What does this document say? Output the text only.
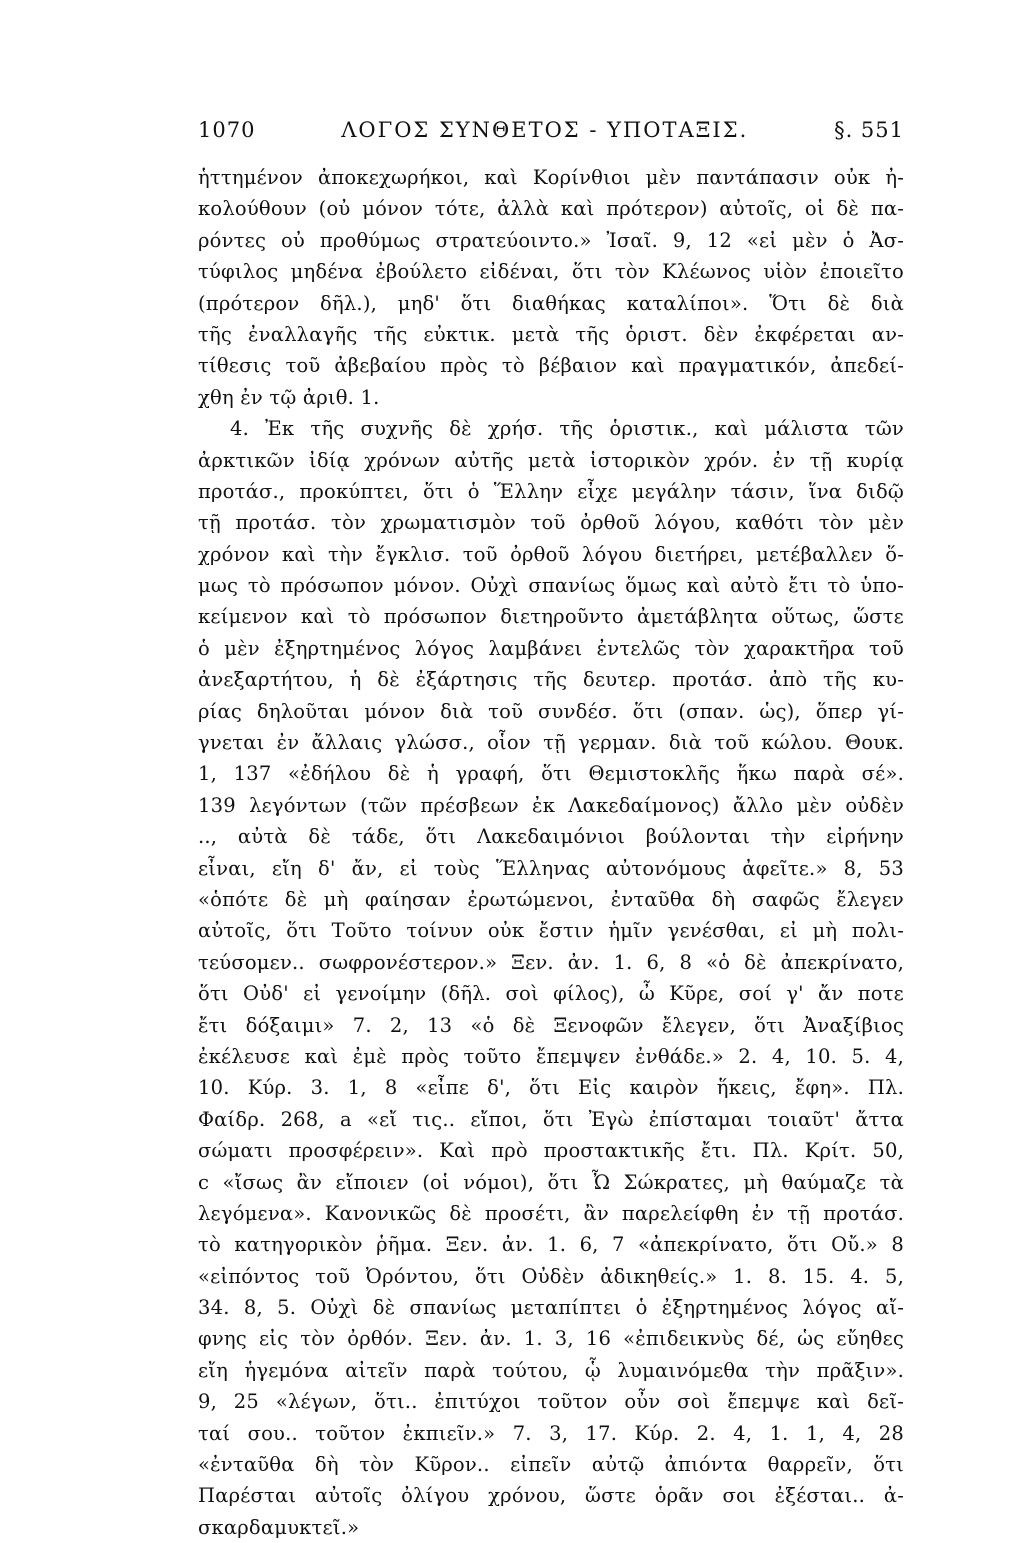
1070	ΛΟΓΟΣ ΣΥΝΘΕΤΟΣ - ΥΠΟΤΑΞΙΣ.	§. 551
ἡττημένον ἀποκεχωρήκοι, καὶ Κορίνθιοι μὲν παντάπασιν οὐκ ἠ-
κολούθουν (οὐ μόνον τότε, ἀλλὰ καὶ πρότερον) αὐτοῖς, οἱ δὲ πα-
ρόντες οὐ προθύμως στρατεύοιντο.» Ἰσαῖ. 9, 12 «εἰ μὲν ὁ Ἀσ-
τύφιλος μηδένα ἐβούλετο εἰδέναι, ὅτι τὸν Κλέωνος υἱὸν ἐποιεῖτο
(πρότερον δῆλ.), μηδ' ὅτι διαθήκας καταλίποι». Ὅτι δὲ διὰ
τῆς ἐναλλαγῆς τῆς εὐκτικ. μετὰ τῆς ὁριστ. δὲν ἐκφέρεται αν-
τίθεσις τοῦ ἀβεβαίου πρὸς τὸ βέβαιον καὶ πραγματικόν, ἀπεδεί-
χθη ἐν τῷ ἀριθ. 1.
4. Ἐκ τῆς συχνῆς δὲ χρήσ. τῆς ὁριστικ., καὶ μάλιστα τῶν
ἀρκτικῶν ἰδίᾳ χρόνων αὐτῆς μετὰ ἱστορικὸν χρόν. ἐν τῇ κυρίᾳ
προτάσ., προκύπτει, ὅτι ὁ Ἕλλην εἶχε μεγάλην τάσιν, ἵνα διδῷ
τῇ προτάσ. τὸν χρωματισμὸν τοῦ ὀρθοῦ λόγου, καθότι τὸν μὲν
χρόνον καὶ τὴν ἔγκλισ. τοῦ ὀρθοῦ λόγου διετήρει, μετέβαλλεν ὅ-
μως τὸ πρόσωπον μόνον. Οὐχὶ σπανίως ὅμως καὶ αὐτὸ ἔτι τὸ ὑπο-
κείμενον καὶ τὸ πρόσωπον διετηροῦντο ἀμετάβλητα οὕτως, ὥστε
ὁ μὲν ἐξηρτημένος λόγος λαμβάνει ἐντελῶς τὸν χαρακτῆρα τοῦ
ἀνεξαρτήτου, ἡ δὲ ἐξάρτησις τῆς δευτερ. προτάσ. ἀπὸ τῆς κυ-
ρίας δηλοῦται μόνον διὰ τοῦ συνδέσ. ὅτι (σπαν. ὡς), ὅπερ γί-
γνεται ἐν ἄλλαις γλώσσ., οἷον τῇ γερμαν. διὰ τοῦ κώλου. Θουκ.
1, 137 «ἐδήλου δὲ ἡ γραφή, ὅτι Θεμιστοκλῆς ἥκω παρὰ σέ».
139 λεγόντων (τῶν πρέσβεων ἐκ Λακεδαίμονος) ἄλλο μὲν οὐδὲν
.., αὐτὰ δὲ τάδε, ὅτι Λακεδαιμόνιοι βούλονται τὴν εἰρήνην
εἶναι, εἴη δ' ἄν, εἰ τοὺς Ἕλληνας αὐτονόμους ἀφεῖτε.» 8, 53
«ὁπότε δὲ μὴ φαίησαν ἐρωτώμενοι, ἐνταῦθα δὴ σαφῶς ἔλεγεν
αὐτοῖς, ὅτι Τοῦτο τοίνυν οὐκ ἔστιν ἡμῖν γενέσθαι, εἰ μὴ πολι-
τεύσομεν.. σωφρονέστερον.» Ξεν. ἀν. 1. 6, 8 «ὁ δὲ ἀπεκρίνατο,
ὅτι Οὐδ' εἰ γενοίμην (δῆλ. σοὶ φίλος), ὦ Κῦρε, σοί γ' ἄν ποτε
ἔτι δόξαιμι» 7. 2, 13 «ὁ δὲ Ξενοφῶν ἔλεγεν, ὅτι Ἀναξίβιος
ἐκέλευσε καὶ ἐμὲ πρὸς τοῦτο ἔπεμψεν ἐνθάδε.» 2. 4, 10. 5. 4,
10. Κύρ. 3. 1, 8 «εἶπε δ', ὅτι Εἰς καιρὸν ἥκεις, ἔφη». Πλ.
Φαίδρ. 268, a «εἴ τις.. εἴποι, ὅτι Ἐγὼ ἐπίσταμαι τοιαῦτ' ἄττα
σώματι προσφέρειν». Καὶ πρὸ προστακτικῆς ἔτι. Πλ. Κρίτ. 50,
c «ἴσως ἂν εἴποιεν (οἱ νόμοι), ὅτι Ὦ Σώκρατες, μὴ θαύμαζε τὰ
λεγόμενα». Κανονικῶς δὲ προσέτι, ἂν παρελείφθη ἐν τῇ προτάσ.
τὸ κατηγορικὸν ῥῆμα. Ξεν. ἀν. 1. 6, 7 «ἀπεκρίνατο, ὅτι Οὔ.» 8
«εἰπόντος τοῦ Ὀρόντου, ὅτι Οὐδὲν ἀδικηθείς.» 1. 8. 15. 4. 5,
34. 8, 5. Οὐχὶ δὲ σπανίως μεταπίπτει ὁ ἐξηρτημένος λόγος αἴ-
φνης εἰς τὸν ὀρθόν. Ξεν. ἀν. 1. 3, 16 «ἐπιδεικνὺς δέ, ὡς εὔηθες
εἴη ἡγεμόνα αἰτεῖν παρὰ τούτου, ᾧ λυμαινόμεθα τὴν πρᾶξιν».
9, 25 «λέγων, ὅτι.. ἐπιτύχοι τοῦτον οὖν σοὶ ἔπεμψε καὶ δεῖ-
ταί σου.. τοῦτον ἐκπιεῖν.» 7. 3, 17. Κύρ. 2. 4, 1. 1, 4, 28
«ἐνταῦθα δὴ τὸν Κῦρον.. εἰπεῖν αὐτῷ ἀπιόντα θαρρεῖν, ὅτι
Παρέσται αὐτοῖς ὀλίγου χρόνου, ὥστε ὁρᾶν σοι ἐξέσται.. ἀ-
σκαρδαμυκτεῖ.»
